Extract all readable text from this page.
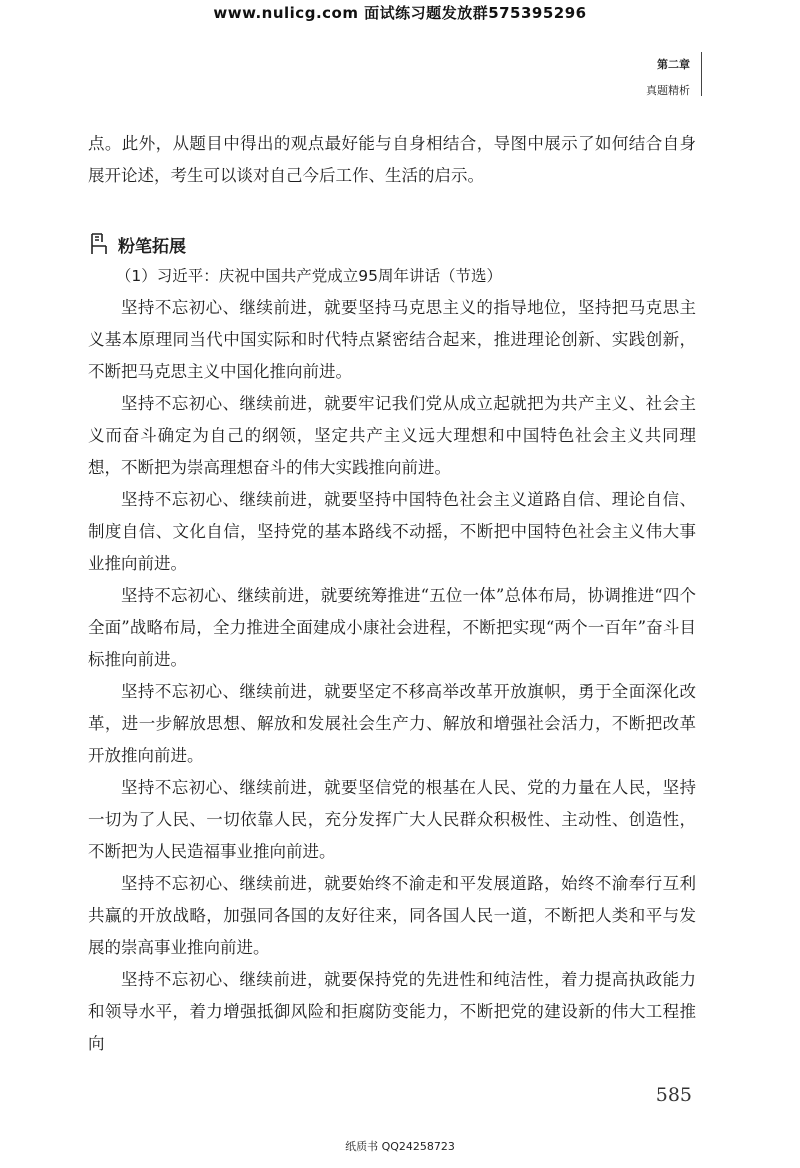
www.nulicg.com 面试练习题发放群575395296
第二章
真题精析

点。此外，从题目中得出的观点最好能与自身相结合，导图中展示了如何结合自身展开论述，考生可以谈对自己今后工作、生活的启示。

粉笔拓展

（1）习近平：庆祝中国共产党成立95周年讲话（节选）

坚持不忘初心、继续前进，就要坚持马克思主义的指导地位，坚持把马克思主义基本原理同当代中国实际和时代特点紧密结合起来，推进理论创新、实践创新，不断把马克思主义中国化推向前进。

坚持不忘初心、继续前进，就要牢记我们党从成立起就把为共产主义、社会主义而奋斗确定为自己的纲领，坚定共产主义远大理想和中国特色社会主义共同理想，不断把为崇高理想奋斗的伟大实践推向前进。

坚持不忘初心、继续前进，就要坚持中国特色社会主义道路自信、理论自信、制度自信、文化自信，坚持党的基本路线不动摇，不断把中国特色社会主义伟大事业推向前进。

坚持不忘初心、继续前进，就要统筹推进“五位一体”总体布局，协调推进“四个全面”战略布局，全力推进全面建成小康社会进程，不断把实现“两个一百年”奋斗目标推向前进。

坚持不忘初心、继续前进，就要坚定不移高举改革开放旗帜，勇于全面深化改革，进一步解放思想、解放和发展社会生产力、解放和增强社会活力，不断把改革开放推向前进。

坚持不忘初心、继续前进，就要坚信党的根基在人民、党的力量在人民，坚持一切为了人民、一切依靠人民，充分发挥广大人民群众积极性、主动性、创造性，不断把为人民造福事业推向前进。

坚持不忘初心、继续前进，就要始终不渝走和平发展道路，始终不渝奉行互利共赢的开放战略，加强同各国的友好往来，同各国人民一道，不断把人类和平与发展的崇高事业推向前进。

坚持不忘初心、继续前进，就要保持党的先进性和纯洁性，着力提高执政能力和领导水平，着力增强抵御风险和拒腐防变能力，不断把党的建设新的伟大工程推向

585
纸质书 QQ24258723
